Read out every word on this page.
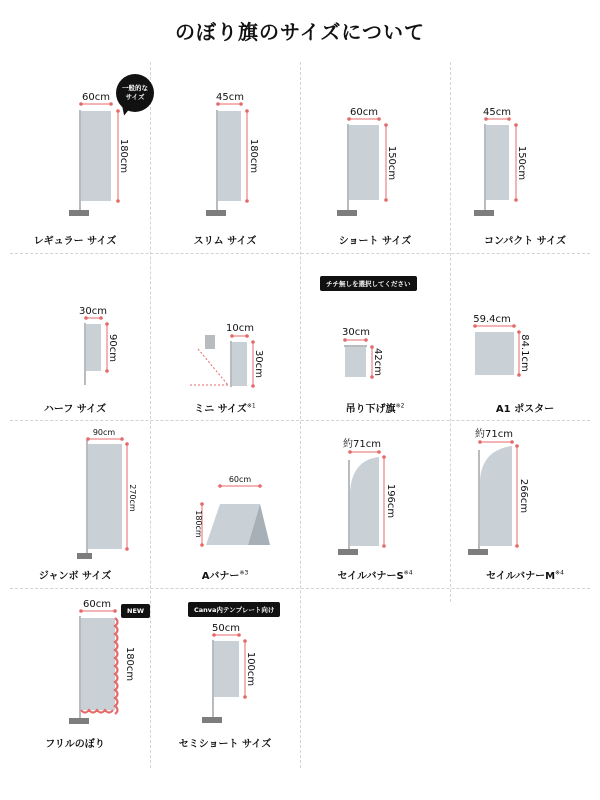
のぼり旗のサイズについて
60cm
180cm
一般的な
サイズ
レギュラー サイズ
45cm
180cm
スリム サイズ
60cm
150cm
ショート サイズ
45cm
150cm
コンパクト サイズ
30cm
90cm
ハーフ サイズ
10cm
30cm
ミニ サイズ$^{※1}$
チチ無しを選択してください
30cm
42cm
吊り下げ旗$^{※2}$
59.4cm
84.1cm
A1 ポスター
90cm
270cm
ジャンボ サイズ
60cm
180cm
Aバナー$^{※3}$
約71cm
196cm
セイルバナー$S^{※4}$
約71cm
266cm
セイルバナー$M^{※4}$
NEW
60cm
180cm
フリルのぼり
Canva内テンプレート向け
50cm
100cm
セミショート サイズ
